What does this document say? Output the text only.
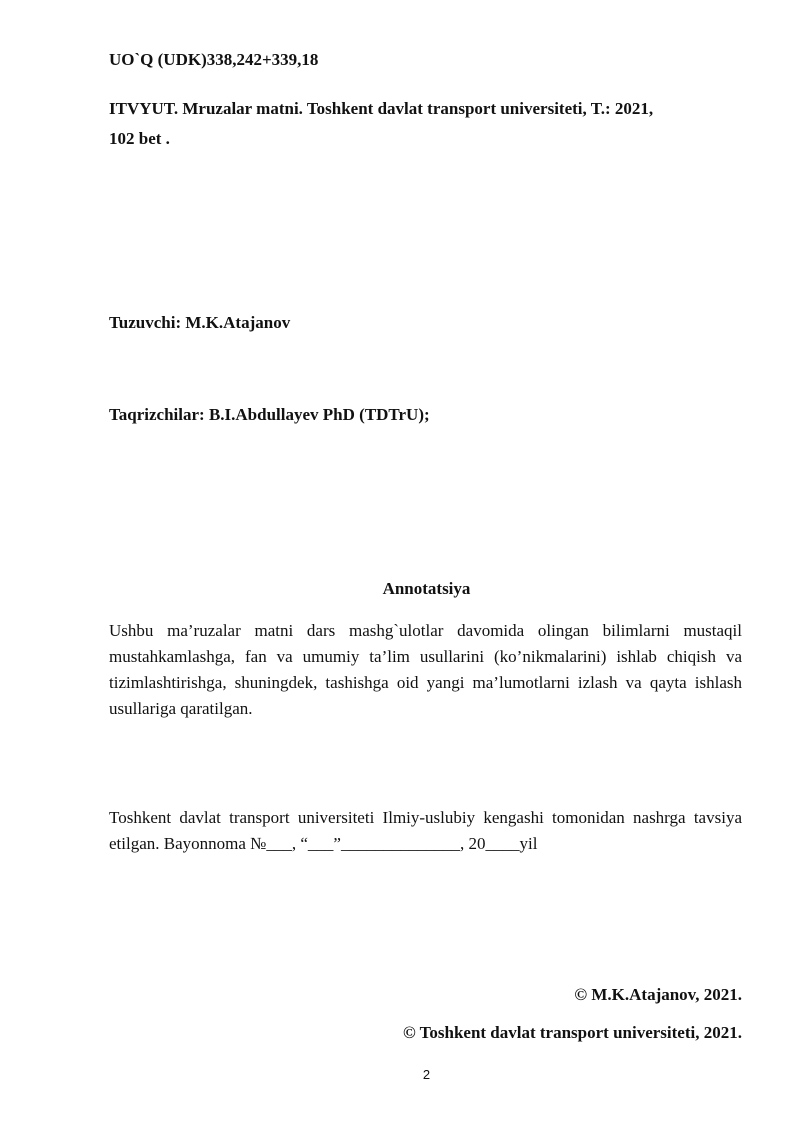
UO`Q (UDK)338,242+339,18
ITVYUT. Mruzalar matni. Toshkent davlat transport universiteti, T.: 2021,
102 bet .
Tuzuvchi: M.K.Atajanov
Taqrizchilar: B.I.Abdullayev PhD (TDTrU);
Annotatsiya
Ushbu ma’ruzalar matni dars mashg`ulotlar davomida olingan bilimlarni mustaqil mustahkamlashga, fan va umumiy ta’lim usullarini (ko’nikmalarini) ishlab chiqish va tizimlashtirishga, shuningdek, tashishga oid yangi ma’lumotlarni izlash va qayta ishlash usullariga qaratilgan.
Toshkent davlat transport universiteti Ilmiy-uslubiy kengashi tomonidan nashrga tavsiya etilgan. Bayonnoma №___, “___”______________, 20____yil
© M.K.Atajanov, 2021.
© Toshkent davlat transport universiteti, 2021.
2
